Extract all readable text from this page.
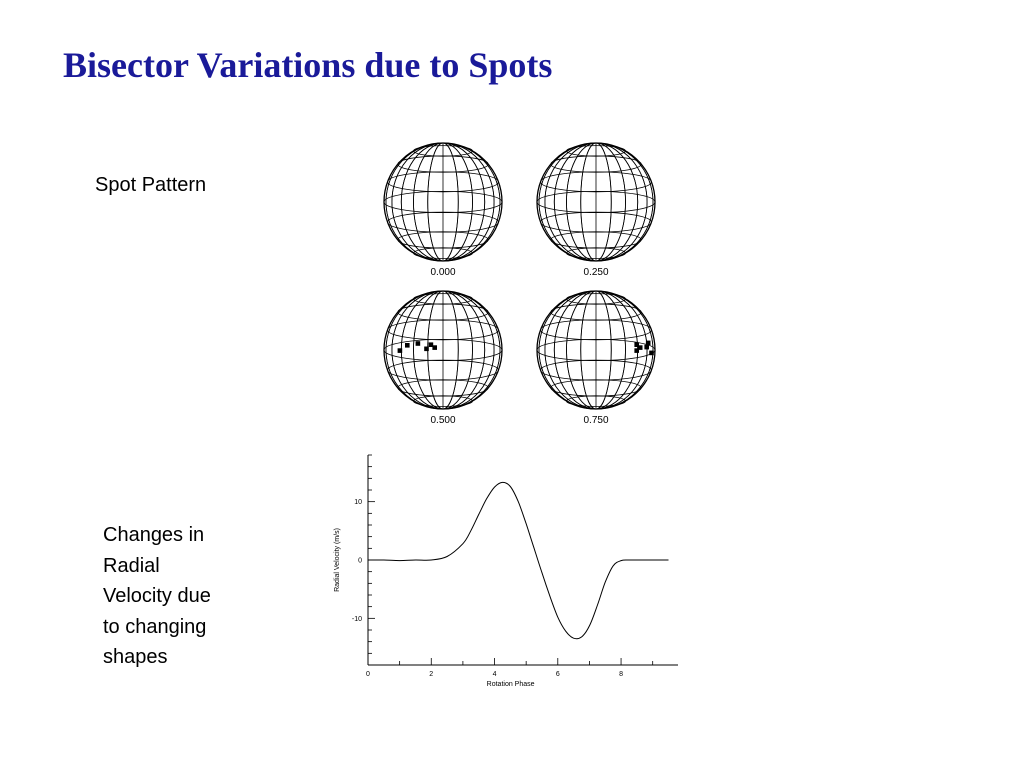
Bisector Variations due to Spots
Spot Pattern
Changes in
Radial
Velocity due
to changing
shapes
0.000	0.250
0.500	0.750
0	2	4	6	8
-10
0
10
Rotation Phase
Radial Velocity (m/s)
